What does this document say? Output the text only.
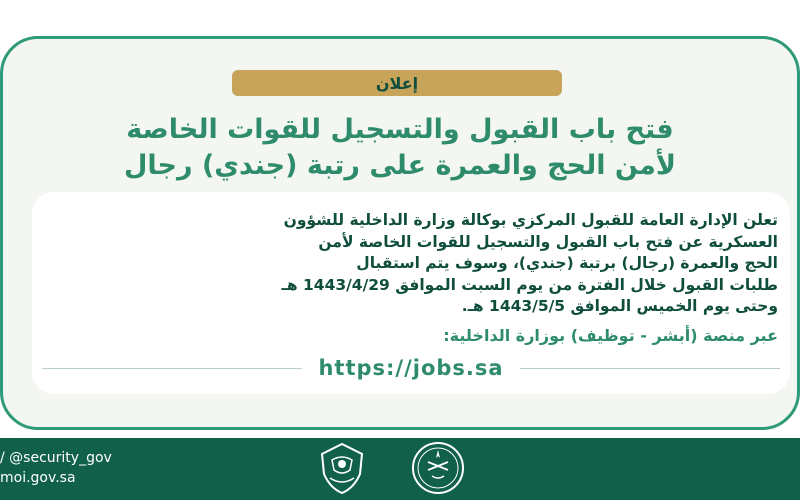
إعلان
فتح باب القبول والتسجيل للقوات الخاصة
لأمن الحج والعمرة على رتبة (جندي) رجال
تعلن الإدارة العامة للقبول المركزي بوكالة وزارة الداخلية للشؤون
العسكرية عن فتح باب القبول والتسجيل للقوات الخاصة لأمن
الحج والعمرة (رجال) برتبة (جندي)، وسوف يتم استقبال
طلبات القبول خلال الفترة من يوم السبت الموافق 1443/4/29 هـ
وحتى يوم الخميس الموافق 1443/5/5 هـ.
عبر منصة (أبشر - توظيف) بوزارة الداخلية:
https://jobs.sa
/ @security_gov
moi.gov.sa
